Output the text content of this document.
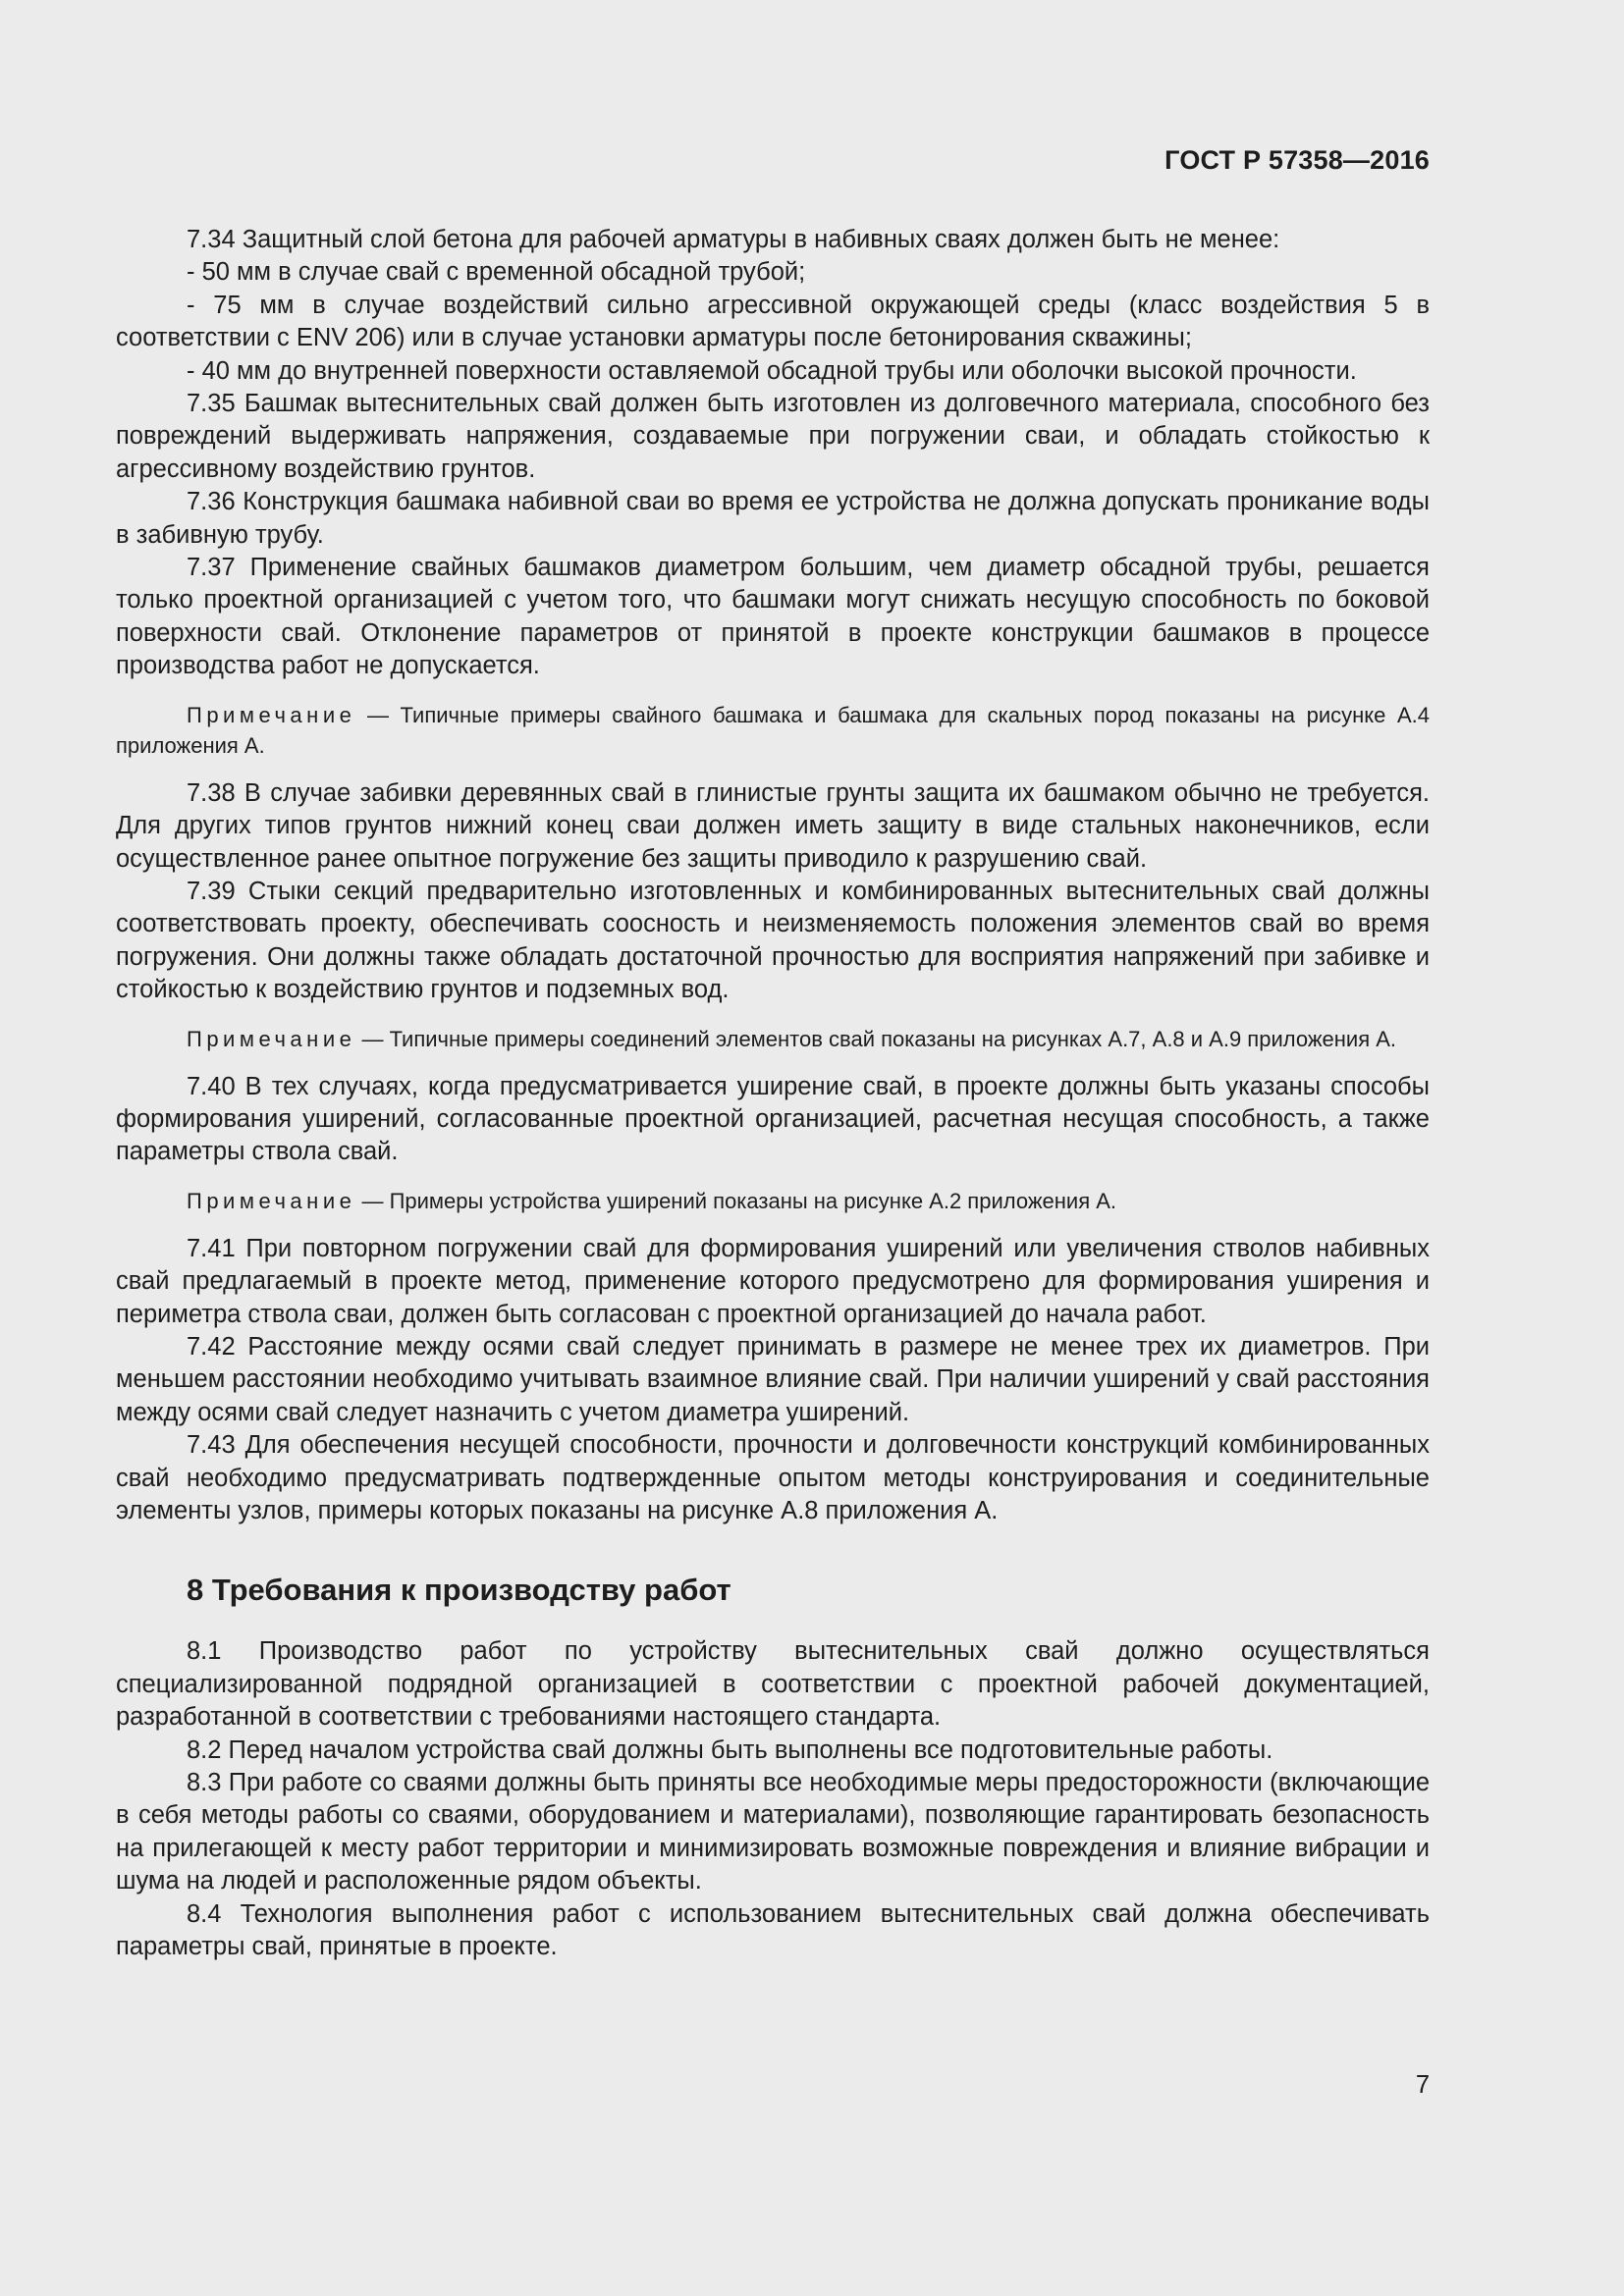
ГОСТ Р 57358—2016

7.34 Защитный слой бетона для рабочей арматуры в набивных сваях должен быть не менее:

- 50 мм в случае свай с временной обсадной трубой;

- 75 мм в случае воздействий сильно агрессивной окружающей среды (класс воздействия 5 в соответствии с ENV 206) или в случае установки арматуры после бетонирования скважины;

- 40 мм до внутренней поверхности оставляемой обсадной трубы или оболочки высокой прочности.

7.35 Башмак вытеснительных свай должен быть изготовлен из долговечного материала, способного без повреждений выдерживать напряжения, создаваемые при погружении сваи, и обладать стойкостью к агрессивному воздействию грунтов.

7.36 Конструкция башмака набивной сваи во время ее устройства не должна допускать проникание воды в забивную трубу.

7.37 Применение свайных башмаков диаметром большим, чем диаметр обсадной трубы, решается только проектной организацией с учетом того, что башмаки могут снижать несущую способность по боковой поверхности свай. Отклонение параметров от принятой в проекте конструкции башмаков в процессе производства работ не допускается.

Примечание — Типичные примеры свайного башмака и башмака для скальных пород показаны на рисунке А.4 приложения А.

7.38 В случае забивки деревянных свай в глинистые грунты защита их башмаком обычно не требуется. Для других типов грунтов нижний конец сваи должен иметь защиту в виде стальных наконечников, если осуществленное ранее опытное погружение без защиты приводило к разрушению свай.

7.39 Стыки секций предварительно изготовленных и комбинированных вытеснительных свай должны соответствовать проекту, обеспечивать соосность и неизменяемость положения элементов свай во время погружения. Они должны также обладать достаточной прочностью для восприятия напряжений при забивке и стойкостью к воздействию грунтов и подземных вод.

Примечание — Типичные примеры соединений элементов свай показаны на рисунках А.7, А.8 и А.9 приложения А.

7.40 В тех случаях, когда предусматривается уширение свай, в проекте должны быть указаны способы формирования уширений, согласованные проектной организацией, расчетная несущая способность, а также параметры ствола свай.

Примечание — Примеры устройства уширений показаны на рисунке А.2 приложения А.

7.41 При повторном погружении свай для формирования уширений или увеличения стволов набивных свай предлагаемый в проекте метод, применение которого предусмотрено для формирования уширения и периметра ствола сваи, должен быть согласован с проектной организацией до начала работ.

7.42 Расстояние между осями свай следует принимать в размере не менее трех их диаметров. При меньшем расстоянии необходимо учитывать взаимное влияние свай. При наличии уширений у свай расстояния между осями свай следует назначить с учетом диаметра уширений.

7.43 Для обеспечения несущей способности, прочности и долговечности конструкций комбинированных свай необходимо предусматривать подтвержденные опытом методы конструирования и соединительные элементы узлов, примеры которых показаны на рисунке А.8 приложения А.

8 Требования к производству работ

8.1 Производство работ по устройству вытеснительных свай должно осуществляться специализированной подрядной организацией в соответствии с проектной рабочей документацией, разработанной в соответствии с требованиями настоящего стандарта.

8.2 Перед началом устройства свай должны быть выполнены все подготовительные работы.

8.3 При работе со сваями должны быть приняты все необходимые меры предосторожности (включающие в себя методы работы со сваями, оборудованием и материалами), позволяющие гарантировать безопасность на прилегающей к месту работ территории и минимизировать возможные повреждения и влияние вибрации и шума на людей и расположенные рядом объекты.

8.4 Технология выполнения работ с использованием вытеснительных свай должна обеспечивать параметры свай, принятые в проекте.

7
